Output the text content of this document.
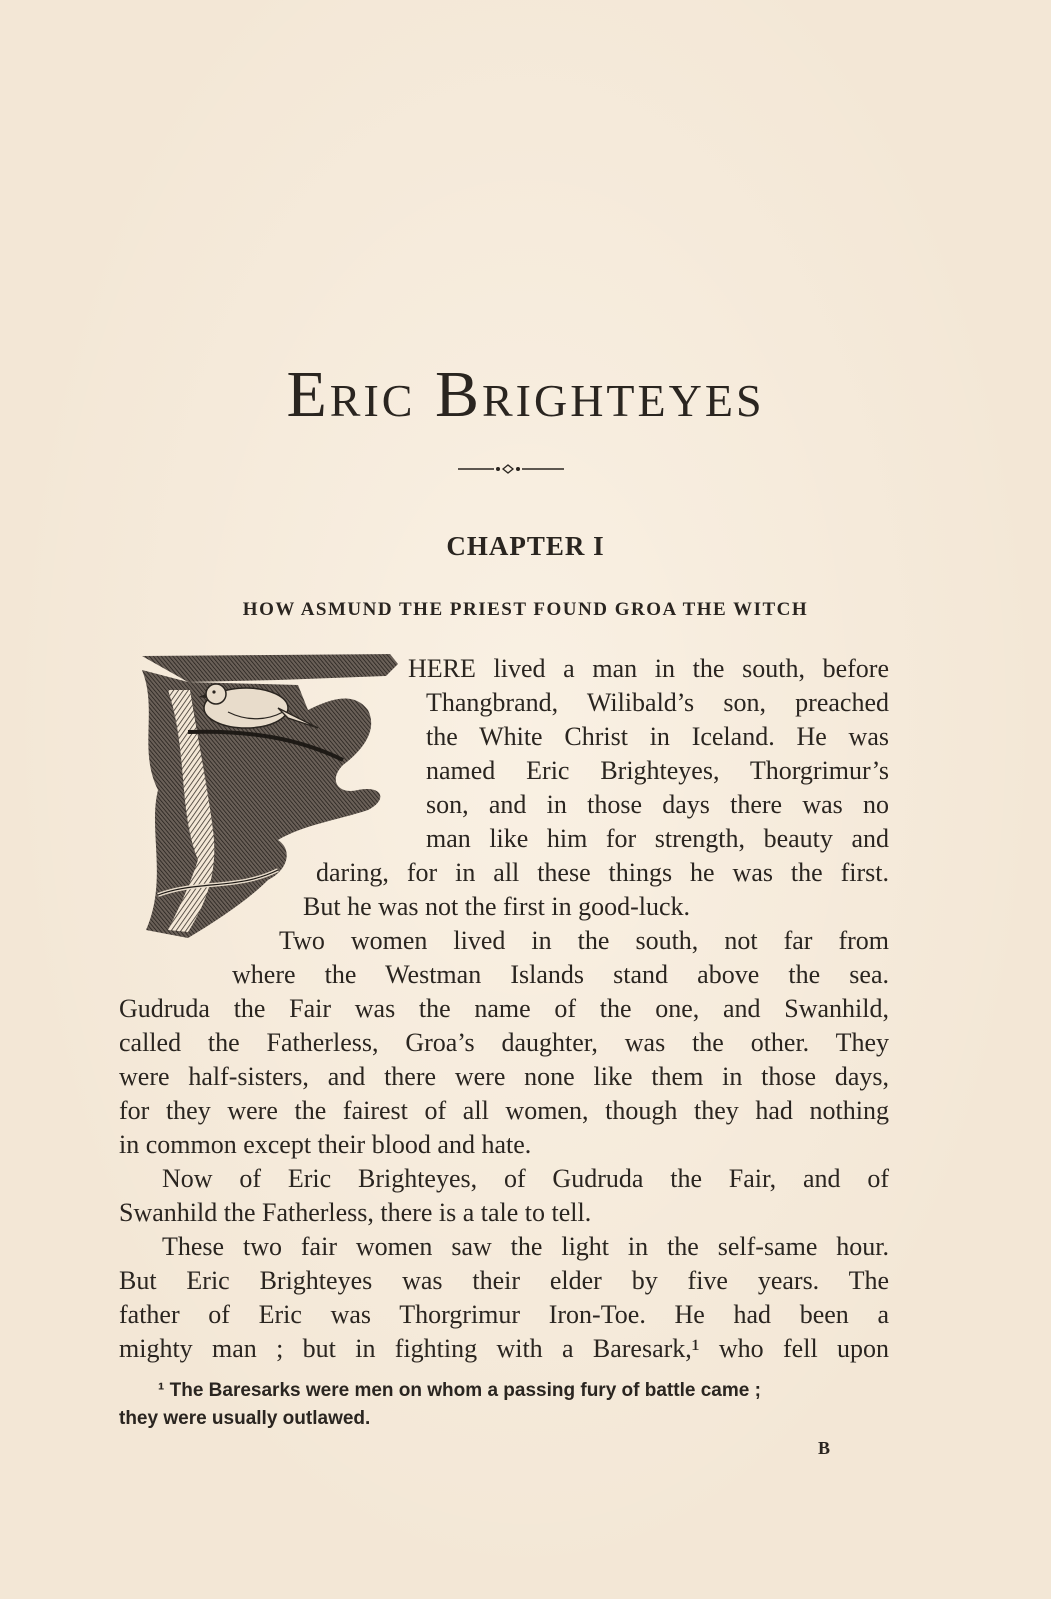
Eric Brighteyes
CHAPTER I
HOW ASMUND THE PRIEST FOUND GROA THE WITCH
HERE lived a man in the south, before
Thangbrand, Wilibald’s son, preached
the White Christ in Iceland. He was
named Eric Brighteyes, Thorgrimur’s
son, and in those days there was no
man like him for strength, beauty and
daring, for in all these things he was the first.
But he was not the first in good-luck.
Two women lived in the south, not far from
where the Westman Islands stand above the sea.
Gudruda the Fair was the name of the one, and Swanhild,
called the Fatherless, Groa’s daughter, was the other. They
were half-sisters, and there were none like them in those days,
for they were the fairest of all women, though they had nothing
in common except their blood and hate.
Now of Eric Brighteyes, of Gudruda the Fair, and of
Swanhild the Fatherless, there is a tale to tell.
These two fair women saw the light in the self-same hour.
But Eric Brighteyes was their elder by five years. The
father of Eric was Thorgrimur Iron-Toe. He had been a
mighty man ; but in fighting with a Baresark,¹ who fell upon
¹ The Baresarks were men on whom a passing fury of battle came ;
they were usually outlawed.
B
